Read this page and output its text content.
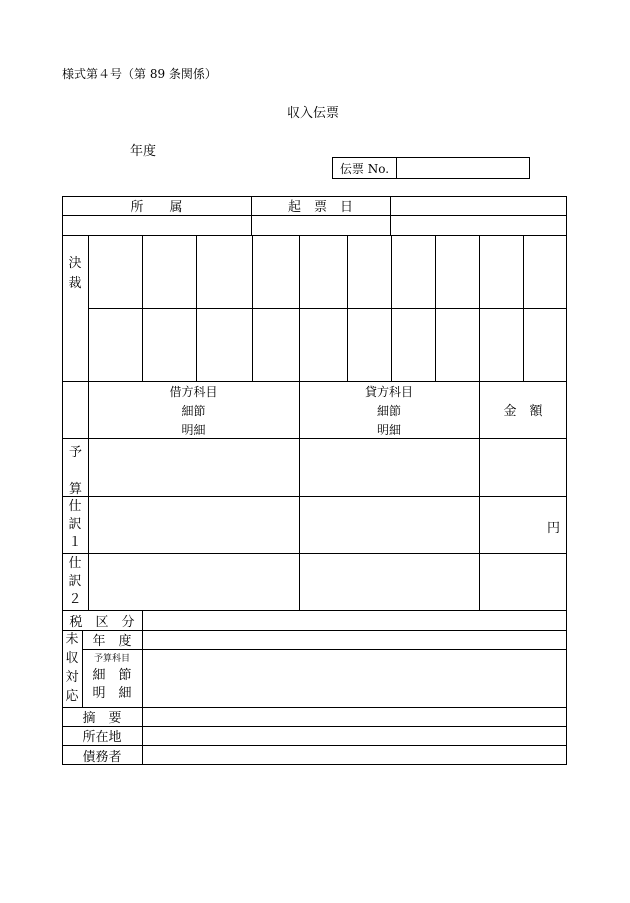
様式第４号（第 89 条関係）
収入伝票
年度
伝票 No.
所　　属	起　票　日
決
裁
借方科目
細節
明細
貸方科目
細節
明細
金　額
予
算
仕
訳
１
円
仕
訳
２
税　区　分
未
収
対
応
年　度
予算科目
細　節
明　細
摘　要
所在地
債務者
